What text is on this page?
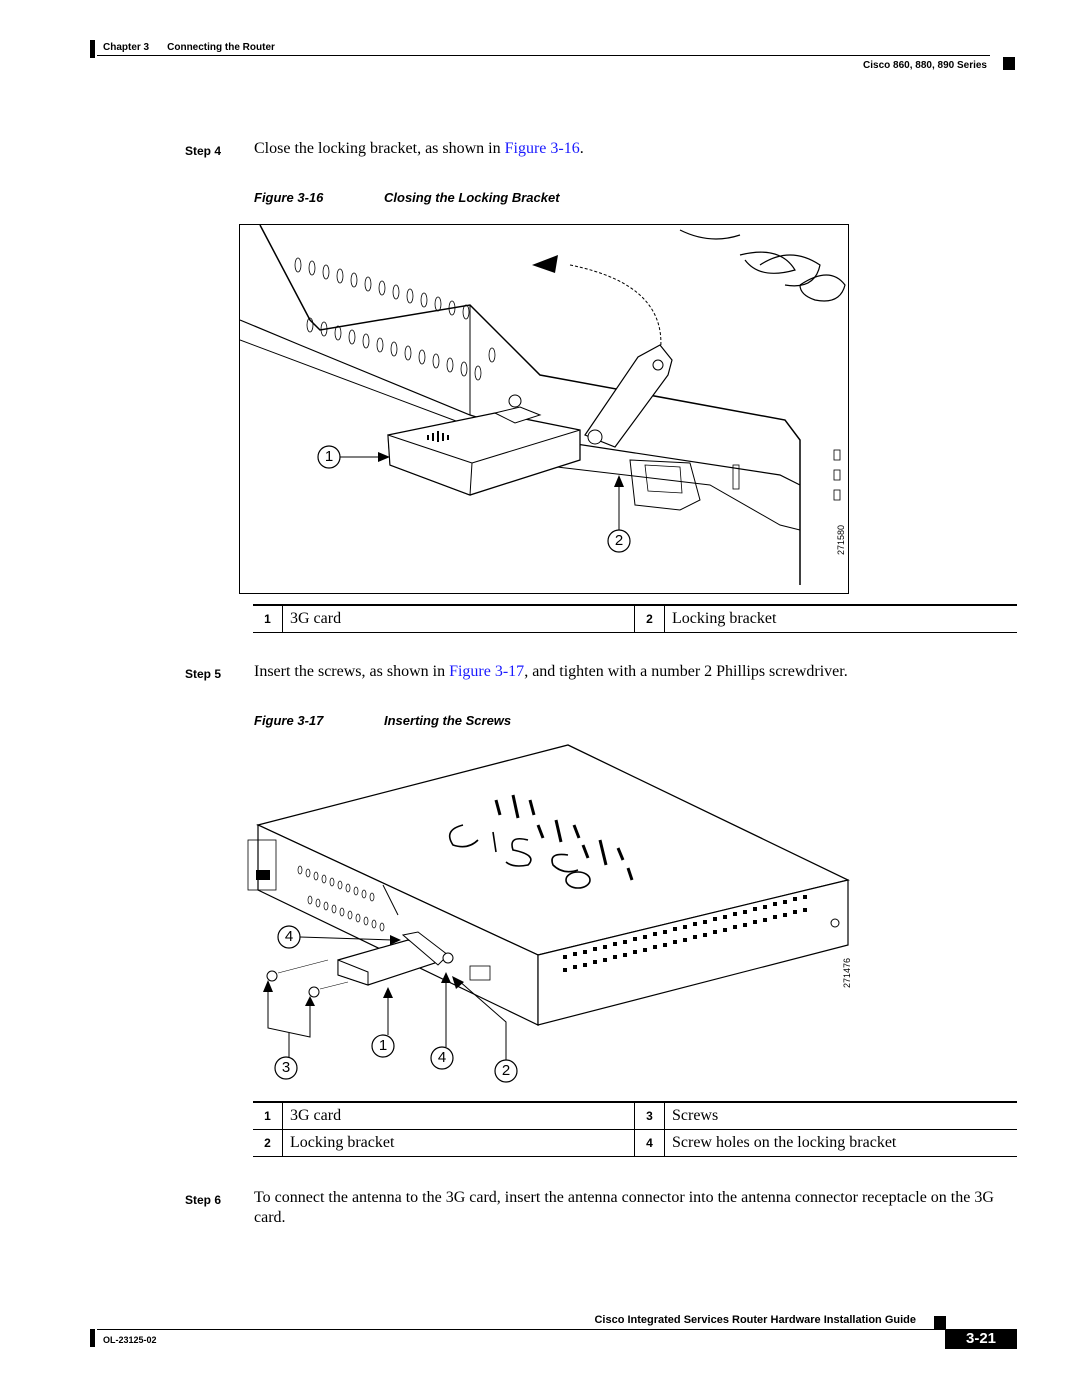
Chapter 3 Connecting the Router
Cisco 860, 880, 890 Series
Step 4 Close the locking bracket, as shown in Figure 3-16.
Figure 3-16	Closing the Locking Bracket
1
2	271580
1	3G card	2	Locking bracket
Step 5 Insert the screws, as shown in Figure 3-17, and tighten with a number 2 Phillips screwdriver.
Figure 3-17	Inserting the Screws
4
1
3
4
2
271476
1	3G card	3	Screws
2	Locking bracket	4	Screw holes on the locking bracket
Step 6 To connect the antenna to the 3G card, insert the antenna connector into the antenna connector receptacle on the 3G card.
Cisco Integrated Services Router Hardware Installation Guide
OL-23125-02	3-21
